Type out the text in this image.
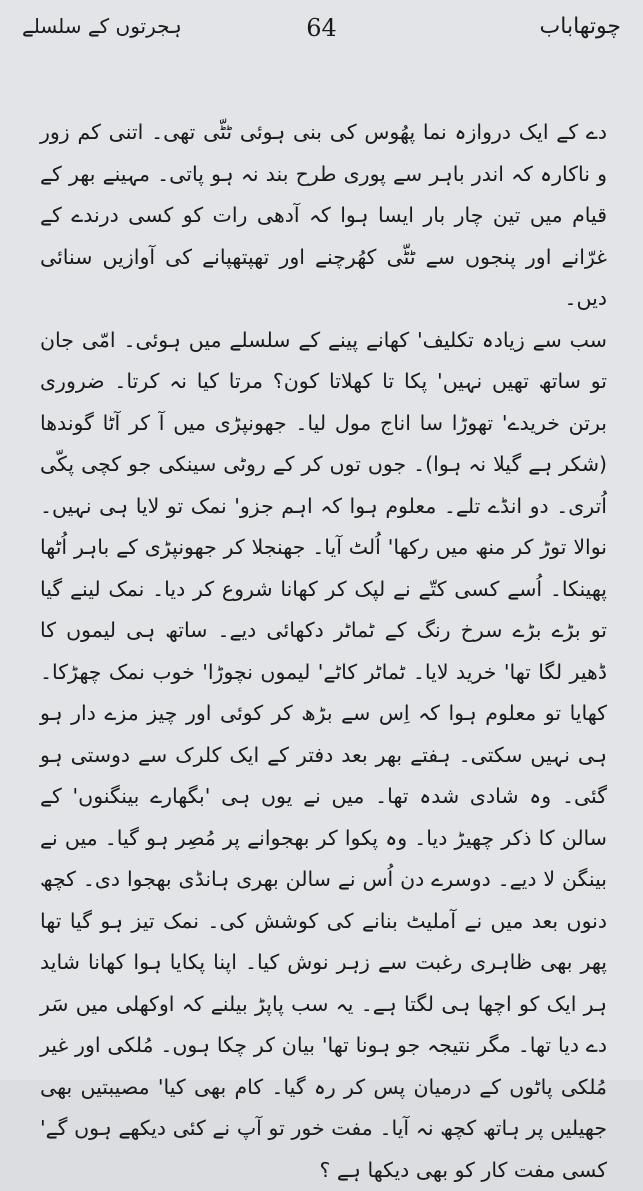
چوتھاباب
64
ہجرتوں کے سلسلے

دے کے ایک دروازہ نما پھُوس کی بنی ہوئی ٹٹّی تھی۔ اتنی کم زور و ناکارہ کہ اندر باہر سے پوری طرح بند نہ ہو پاتی۔ مہینے بھر کے قیام میں تین چار بار ایسا ہوا کہ آدھی رات کو کسی درندے کے غرّانے اور پنجوں سے ٹٹّی کھُرچنے اور تھپتھپانے کی آوازیں سنائی دیں۔

سب سے زیادہ تکلیف' کھانے پینے کے سلسلے میں ہوئی۔ امّی جان تو ساتھ تھیں نہیں' پکا تا کھلاتا کون؟ مرتا کیا نہ کرتا۔ ضروری برتن خریدے' تھوڑا سا اناج مول لیا۔ جھونپڑی میں آ کر آٹا گوندھا (شکر ہے گیلا نہ ہوا)۔ جوں توں کر کے روٹی سینکی جو کچی پکّی اُتری۔ دو انڈے تلے۔ معلوم ہوا کہ اہم جزو' نمک تو لایا ہی نہیں۔ نوالا توڑ کر منھ میں رکھا' اُلٹ آیا۔ جھنجلا کر جھونپڑی کے باہر اُٹھا پھینکا۔ اُسے کسی کتّے نے لپک کر کھانا شروع کر دیا۔ نمک لینے گیا تو بڑے بڑے سرخ رنگ کے ٹماٹر دکھائی دیے۔ ساتھ ہی لیموں کا ڈھیر لگا تھا' خرید لایا۔ ٹماٹر کاٹے' لیموں نچوڑا' خوب نمک چھڑکا۔ کھایا تو معلوم ہوا کہ اِس سے بڑھ کر کوئی اور چیز مزے دار ہو ہی نہیں سکتی۔ ہفتے بھر بعد دفتر کے ایک کلرک سے دوستی ہو گئی۔ وہ شادی شدہ تھا۔ میں نے یوں ہی 'بگھارے بینگنوں' کے سالن کا ذکر چھیڑ دیا۔ وہ پکوا کر بھجوانے پر مُصِر ہو گیا۔ میں نے بینگن لا دیے۔ دوسرے دن اُس نے سالن بھری ہانڈی بھجوا دی۔ کچھ دنوں بعد میں نے آملیٹ بنانے کی کوشش کی۔ نمک تیز ہو گیا تھا پھر بھی ظاہری رغبت سے زہر نوش کیا۔ اپنا پکایا ہوا کھانا شاید ہر ایک کو اچھا ہی لگتا ہے۔ یہ سب پاپڑ بیلنے کہ اوکھلی میں سَر دے دیا تھا۔ مگر نتیجہ جو ہونا تھا' بیان کر چکا ہوں۔ مُلکی اور غیر مُلکی پاٹوں کے درمیان پس کر رہ گیا۔ کام بھی کیا' مصیبتیں بھی جھیلیں پر ہاتھ کچھ نہ آیا۔ مفت خور تو آپ نے کئی دیکھے ہوں گے' کسی مفت کار کو بھی دیکھا ہے ؟
